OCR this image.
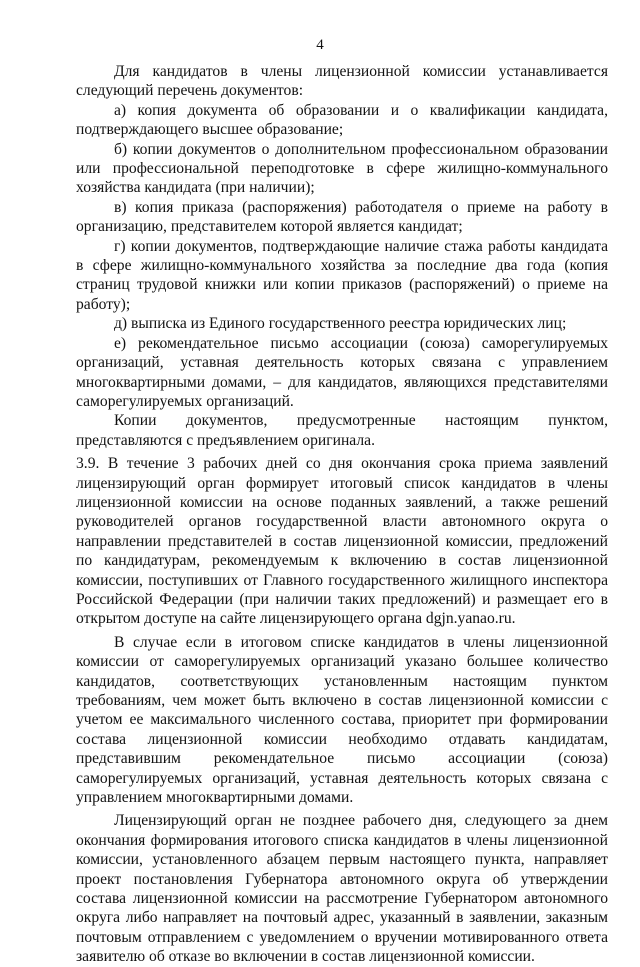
4

Для кандидатов в члены лицензионной комиссии устанавливается следующий перечень документов:

а) копия документа об образовании и о квалификации кандидата, подтверждающего высшее образование;

б) копии документов о дополнительном профессиональном образовании или профессиональной переподготовке в сфере жилищно-коммунального хозяйства кандидата (при наличии);

в) копия приказа (распоряжения) работодателя о приеме на работу в организацию, представителем которой является кандидат;

г) копии документов, подтверждающие наличие стажа работы кандидата в сфере жилищно-коммунального хозяйства за последние два года (копия страниц трудовой книжки или копии приказов (распоряжений) о приеме на работу);

д) выписка из Единого государственного реестра юридических лиц;

е) рекомендательное письмо ассоциации (союза) саморегулируемых организаций, уставная деятельность которых связана с управлением многоквартирными домами, – для кандидатов, являющихся представителями саморегулируемых организаций.

Копии документов, предусмотренные настоящим пунктом, представляются с предъявлением оригинала.

3.9. В течение 3 рабочих дней со дня окончания срока приема заявлений лицензирующий орган формирует итоговый список кандидатов в члены лицензионной комиссии на основе поданных заявлений, а также решений руководителей органов государственной власти автономного округа о направлении представителей в состав лицензионной комиссии, предложений по кандидатурам, рекомендуемым к включению в состав лицензионной комиссии, поступивших от Главного государственного жилищного инспектора Российской Федерации (при наличии таких предложений) и размещает его в открытом доступе на сайте лицензирующего органа dgjn.yanao.ru.

В случае если в итоговом списке кандидатов в члены лицензионной комиссии от саморегулируемых организаций указано большее количество кандидатов, соответствующих установленным настоящим пунктом требованиям, чем может быть включено в состав лицензионной комиссии с учетом ее максимального численного состава, приоритет при формировании состава лицензионной комиссии необходимо отдавать кандидатам, представившим рекомендательное письмо ассоциации (союза) саморегулируемых организаций, уставная деятельность которых связана с управлением многоквартирными домами.

Лицензирующий орган не позднее рабочего дня, следующего за днем окончания формирования итогового списка кандидатов в члены лицензионной комиссии, установленного абзацем первым настоящего пункта, направляет проект постановления Губернатора автономного округа об утверждении состава лицензионной комиссии на рассмотрение Губернатором автономного округа либо направляет на почтовый адрес, указанный в заявлении, заказным почтовым отправлением с уведомлением о вручении мотивированного ответа заявителю об отказе во включении в состав лицензионной комиссии.
